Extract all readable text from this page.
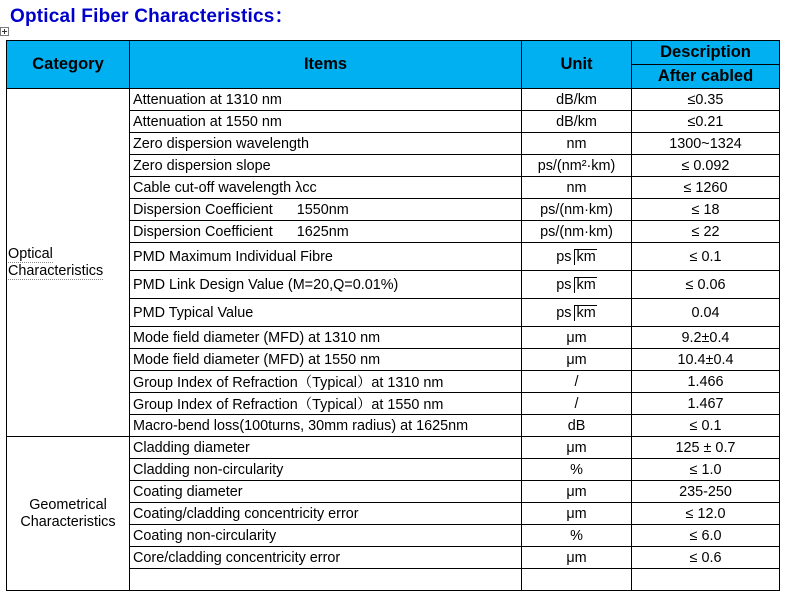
Optical Fiber Characteristics：
Category	Items	Unit	Description
			After cabled
Optical Characteristics	Attenuation at 1310 nm	dB/km	≤0.35
	Attenuation at 1550 nm	dB/km	≤0.21
	Zero dispersion wavelength	nm	1300~1324
	Zero dispersion slope	ps/(nm²·km)	≤ 0.092
	Cable cut-off wavelength λcc	nm	≤ 1260
	Dispersion Coefficient      1550nm	ps/(nm·km)	≤ 18
	Dispersion Coefficient      1625nm	ps/(nm·km)	≤ 22
	PMD Maximum Individual Fibre	ps km	≤ 0.1
	PMD Link Design Value (M=20,Q=0.01%)	ps km	≤ 0.06
	PMD Typical Value	ps km	0.04
	Mode field diameter (MFD) at 1310 nm	μm	9.2±0.4
	Mode field diameter (MFD) at 1550 nm	μm	10.4±0.4
	Group Index of Refraction（Typical）at 1310 nm	/	1.466
	Group Index of Refraction（Typical）at 1550 nm	/	1.467
	Macro-bend loss(100turns, 30mm radius) at 1625nm	dB	≤ 0.1
Geometrical Characteristics	Cladding diameter	μm	125 ± 0.7
	Cladding non-circularity	%	≤ 1.0
	Coating diameter	μm	235-250
	Coating/cladding concentricity error	μm	≤ 12.0
	Coating non-circularity	%	≤ 6.0
	Core/cladding concentricity error	μm	≤ 0.6
